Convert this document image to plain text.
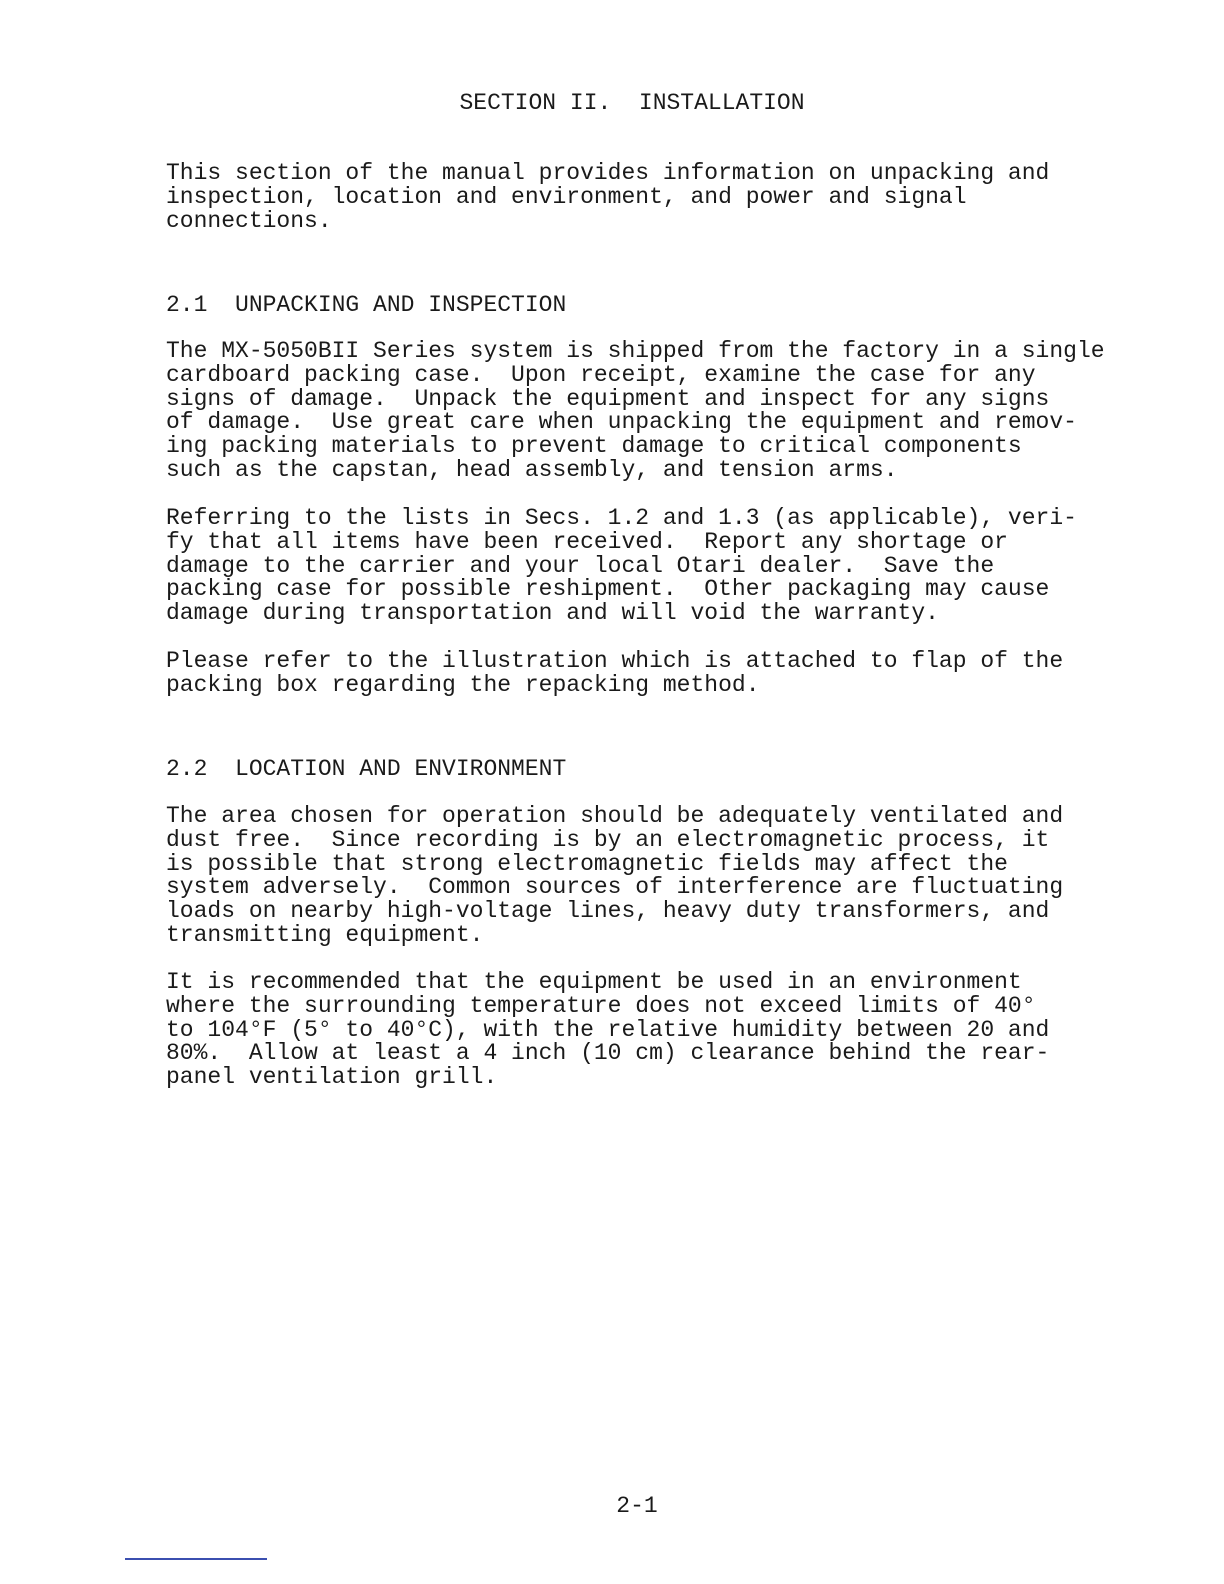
SECTION II.  INSTALLATION
This section of the manual provides information on unpacking and
inspection, location and environment, and power and signal
connections.
2.1  UNPACKING AND INSPECTION
The MX-5050BII Series system is shipped from the factory in a single
cardboard packing case.  Upon receipt, examine the case for any
signs of damage.  Unpack the equipment and inspect for any signs
of damage.  Use great care when unpacking the equipment and remov-
ing packing materials to prevent damage to critical components
such as the capstan, head assembly, and tension arms.
Referring to the lists in Secs. 1.2 and 1.3 (as applicable), veri-
fy that all items have been received.  Report any shortage or
damage to the carrier and your local Otari dealer.  Save the
packing case for possible reshipment.  Other packaging may cause
damage during transportation and will void the warranty.
Please refer to the illustration which is attached to flap of the
packing box regarding the repacking method.
2.2  LOCATION AND ENVIRONMENT
The area chosen for operation should be adequately ventilated and
dust free.  Since recording is by an electromagnetic process, it
is possible that strong electromagnetic fields may affect the
system adversely.  Common sources of interference are fluctuating
loads on nearby high-voltage lines, heavy duty transformers, and
transmitting equipment.
It is recommended that the equipment be used in an environment
where the surrounding temperature does not exceed limits of 40°
to 104°F (5° to 40°C), with the relative humidity between 20 and
80%.  Allow at least a 4 inch (10 cm) clearance behind the rear-
panel ventilation grill.
2-1
